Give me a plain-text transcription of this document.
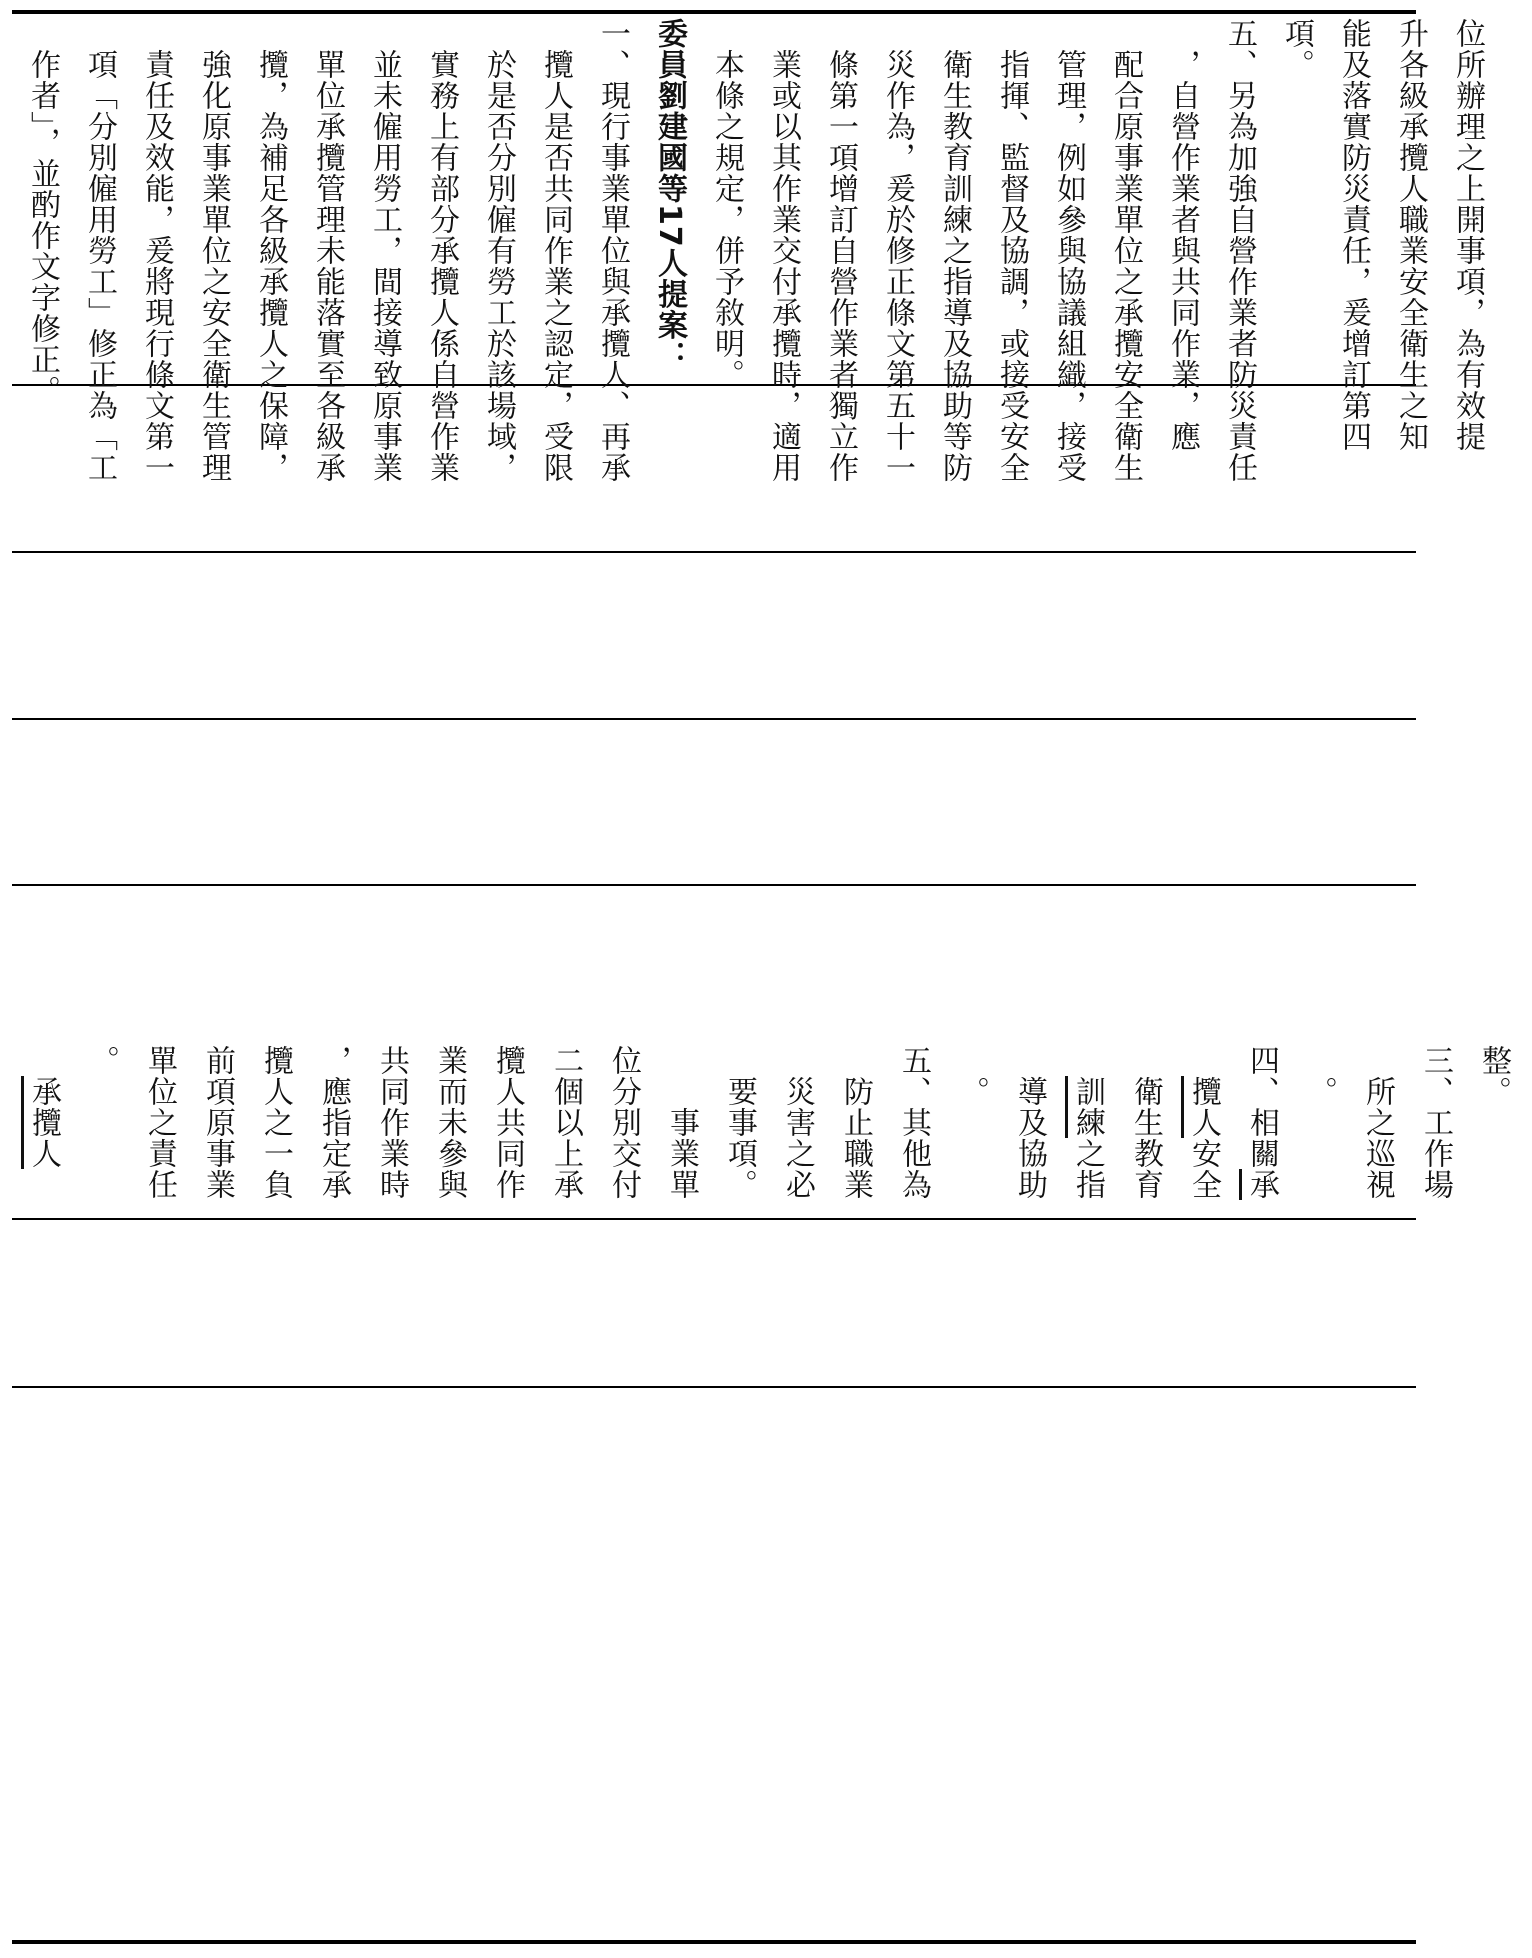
位所辦理之上開事項，為有效提
升各級承攬人職業安全衛生之知
能及落實防災責任，爰增訂第四
項。
五、另為加強自營作業者防災責任
　，自營作業者與共同作業，應
　配合原事業單位之承攬安全衛生
　管理，例如參與協議組織，接受
　指揮、監督及協調，或接受安全
　衛生教育訓練之指導及協助等防
　災作為，爰於修正條文第五十一
　條第一項增訂自營作業者獨立作
　業或以其作業交付承攬時，適用
　本條之規定，併予敘明。
委員劉建國等17人提案：
一、現行事業單位與承攬人、再承
　攬人是否共同作業之認定，受限
　於是否分別僱有勞工於該場域，
　實務上有部分承攬人係自營作業
　並未僱用勞工，間接導致原事業
　單位承攬管理未能落實至各級承
　攬，為補足各級承攬人之保障，
　強化原事業單位之安全衛生管理
　責任及效能，爰將現行條文第一
　項「分別僱用勞工」修正為「工
　作者」，並酌作文字修正。
整。
三、工作場
　所之巡視
　。
四、相關承
　攬人安全
　衛生教育
　訓練之指
　導及協助
　。
五、其他為
　防止職業
　災害之必
　要事項。
　　事業單
位分別交付
二個以上承
攬人共同作
業而未參與
共同作業時
，應指定承
攬人之一負
前項原事業
單位之責任
。
　承攬人
